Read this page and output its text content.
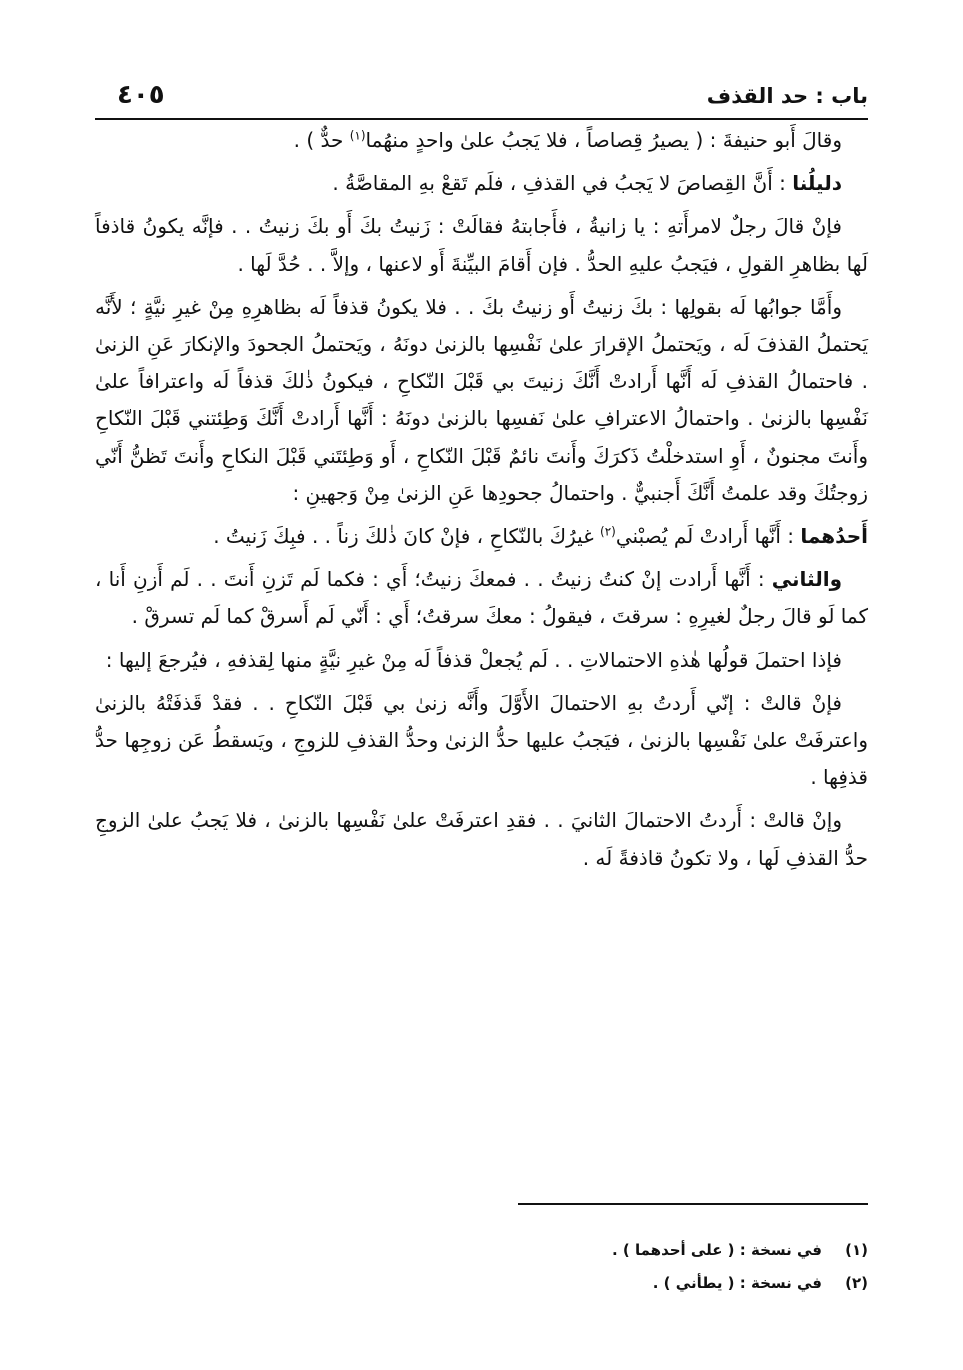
باب : حد القذف
٤٠٥

وقالَ أَبو حنيفةَ : ( يصيرُ قِصاصاً ، فلا يَجبُ علىٰ واحدٍ منهُما$^{(١)}$ حدٌّ ) .

دليلُنا : أَنَّ القِصاصَ لا يَجبُ في القذفِ ، فلَم تَقعْ بهِ المقاصَّةُ .

فإنْ قالَ رجلٌ لامرأَتهِ : يا زانيةُ ، فأَجابتهُ فقالَتْ : زَنيتُ بكَ أَو بكَ زنيتُ . . فإنَّه يكونُ قاذفاً لَها بظاهرِ القولِ ، فيَجبُ عليهِ الحدُّ . فإن أَقامَ البيِّنةَ أَو لاعنها ، وإلاَّ . . حُدَّ لَها .

وأَمَّا جوابُها لَه بقولِها : بكَ زنيتُ أَو زنيتُ بكَ . . فلا يكونُ قذفاً لَه بظاهرِهِ مِنْ غيرِ نيَّةٍ ؛ لأَنَّه يَحتملُ القذفَ لَه ، ويَحتملُ الإقرارَ علىٰ نَفْسِها بالزنىٰ دونَهُ ، ويَحتملُ الجحودَ والإنكارَ عَنِ الزنىٰ . فاحتمالُ القذفِ لَه أَنَّها أَرادتْ أَنَّكَ زنيتَ بي قَبْلَ النّكاحِ ، فيكونُ ذٰلكَ قذفاً لَه واعترافاً علىٰ نَفْسِها بالزنىٰ . واحتمالُ الاعترافِ علىٰ نَفسِها بالزنىٰ دونَهُ : أَنَّها أَرادتْ أَنَّكَ وَطِئتني قَبْلَ النّكاحِ وأَنتَ مجنونٌ ، أَوِ استدخلْتُ ذَكرَكَ وأَنتَ نائمٌ قَبْلَ النّكاحِ ، أَو وَطِئتَني قَبْلَ النكاحِ وأَنتَ تَظنُّ أَنّي زوجتُكَ وقد علمتُ أَنَّكَ أَجنبيٌّ . واحتمالُ جحودِها عَنِ الزنىٰ مِنْ وَجهينِ :

أَحدُهما : أَنَّها أَرادتْ لَم يُصبْني$^{(٢)}$ غيرُكَ بالنّكاحِ ، فإنْ كانَ ذٰلكَ زناً . . فبِكَ زَنيتُ .

والثاني : أَنَّها أَرادت إنْ كنتُ زنيتُ . . فمعكَ زنيتُ؛ أَي : فكما لَم تَزنِ أَنتَ . . لَم أَزنِ أَنا ، كما لَو قالَ رجلٌ لغيرِهِ : سرقتَ ، فيقولُ : معكَ سرقتُ؛ أَي : أَنّي لَم أَسرقْ كما لَم تسرقْ .

فإذا احتملَ قولُها هٰذهِ الاحتمالاتِ . . لَم يُجعلْ قذفاً لَه مِنْ غيرِ نيَّةٍ منها لِقذفهِ ، فيُرجعَ إليها :

فإنْ قالتْ : إنّي أَردتُ بهِ الاحتمالَ الأَوَّلَ وأَنَّه زنىٰ بي قَبْلَ النّكاحِ . . فقدْ قَذفَتْهُ بالزنىٰ واعترفَتْ علىٰ نَفْسِها بالزنىٰ ، فيَجبُ عليها حدُّ الزنىٰ وحدُّ القذفِ للزوجِ ، ويَسقطُ عَن زوجِها حدُّ قذفِها .

وإنْ قالتْ : أَردتُ الاحتمالَ الثانيَ . . فقدِ اعترفَتْ علىٰ نَفْسِها بالزنىٰ ، فلا يَجبُ علىٰ الزوجِ حدُّ القذفِ لَها ، ولا تكونُ قاذفةً لَه .

(١)
في نسخة : ( على أحدهما ) .
(٢)
في نسخة : ( يطأني ) .
